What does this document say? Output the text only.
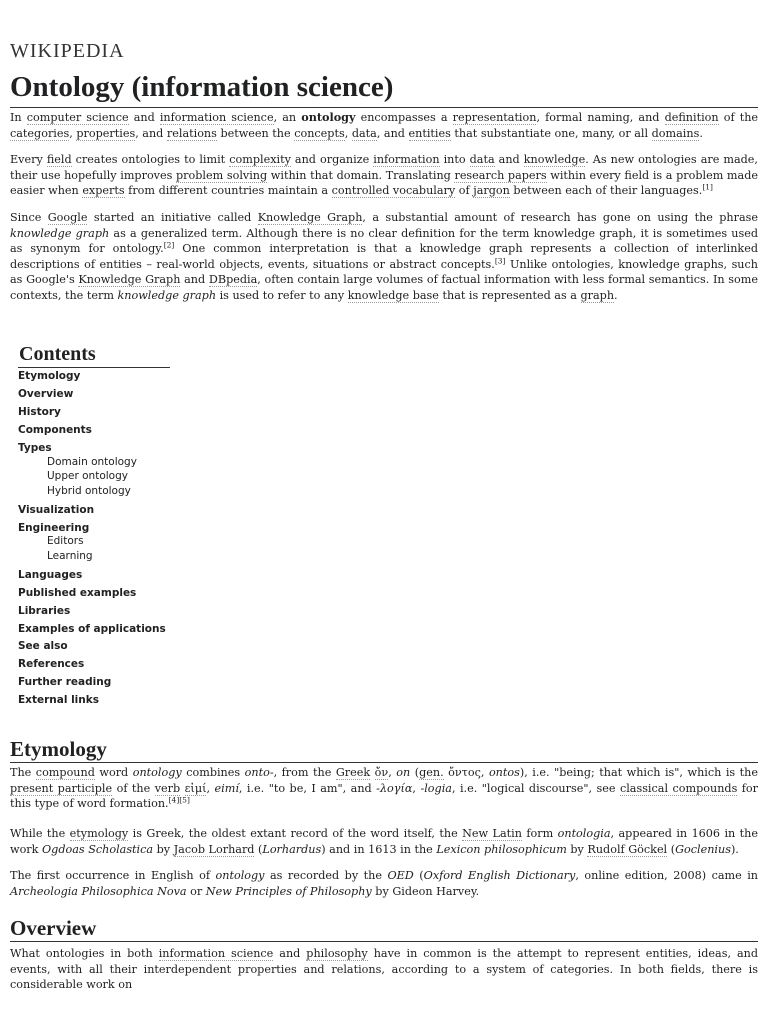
WIKIPEDIA
Ontology (information science)

In computer science and information science, an ontology encompasses a representation, formal naming, and definition of the categories, properties, and relations between the concepts, data, and entities that substantiate one, many, or all domains.

Every field creates ontologies to limit complexity and organize information into data and knowledge. As new ontologies are made, their use hopefully improves problem solving within that domain. Translating research papers within every field is a problem made easier when experts from different countries maintain a controlled vocabulary of jargon between each of their languages.[1]

Since Google started an initiative called Knowledge Graph, a substantial amount of research has gone on using the phrase knowledge graph as a generalized term. Although there is no clear definition for the term knowledge graph, it is sometimes used as synonym for ontology.[2] One common interpretation is that a knowledge graph represents a collection of interlinked descriptions of entities – real-world objects, events, situations or abstract concepts.[3] Unlike ontologies, knowledge graphs, such as Google's Knowledge Graph and DBpedia, often contain large volumes of factual information with less formal semantics. In some contexts, the term knowledge graph is used to refer to any knowledge base that is represented as a graph.

Contents
Etymology
Overview
History
Components
Types
Domain ontology
Upper ontology
Hybrid ontology
Visualization
Engineering
Editors
Learning
Languages
Published examples
Libraries
Examples of applications
See also
References
Further reading
External links
Etymology

The compound word ontology combines onto-, from the Greek ὄν, on (gen. ὄντος, ontos), i.e. "being; that which is", which is the present participle of the verb εἰμί, eimí, i.e. "to be, I am", and -λογία, -logia, i.e. "logical discourse", see classical compounds for this type of word formation.[4][5]

While the etymology is Greek, the oldest extant record of the word itself, the New Latin form ontologia, appeared in 1606 in the work Ogdoas Scholastica by Jacob Lorhard (Lorhardus) and in 1613 in the Lexicon philosophicum by Rudolf Göckel (Goclenius).

The first occurrence in English of ontology as recorded by the OED (Oxford English Dictionary, online edition, 2008) came in Archeologia Philosophica Nova or New Principles of Philosophy by Gideon Harvey.

Overview

What ontologies in both information science and philosophy have in common is the attempt to represent entities, ideas, and events, with all their interdependent properties and relations, according to a system of categories. In both fields, there is considerable work on
